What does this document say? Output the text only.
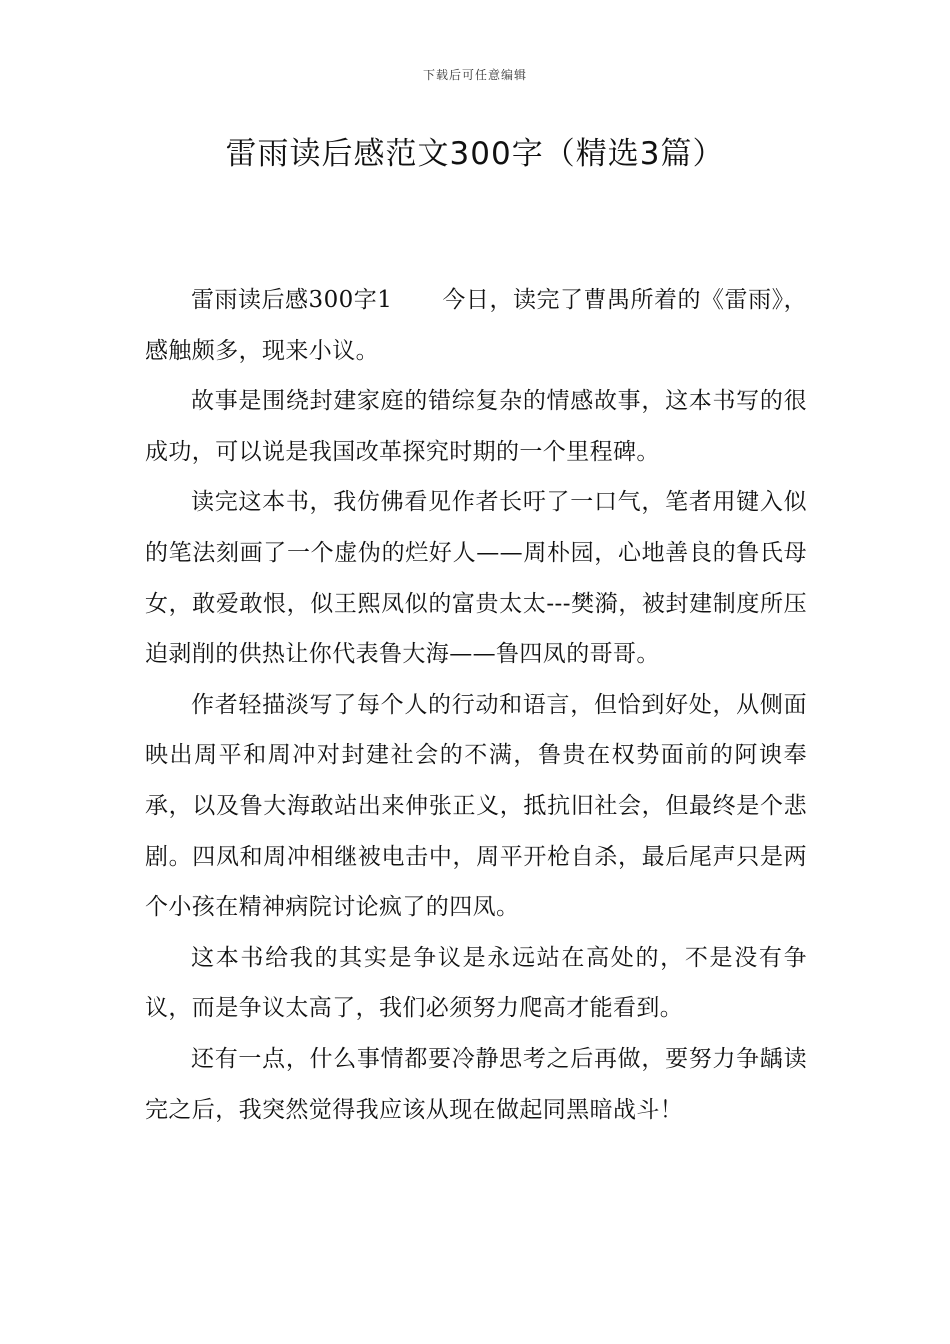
下载后可任意编辑
雷雨读后感范文300字（精选3篇）

雷雨读后感300字1 今日，读完了曹禺所着的《雷雨》，感触颇多，现来小议。

故事是围绕封建家庭的错综复杂的情感故事，这本书写的很成功，可以说是我国改革探究时期的一个里程碑。

读完这本书，我仿佛看见作者长吁了一口气，笔者用键入似的笔法刻画了一个虚伪的烂好人——周朴园，心地善良的鲁氏母女，敢爱敢恨，似王熙凤似的富贵太太---樊漪，被封建制度所压迫剥削的供热让你代表鲁大海——鲁四凤的哥哥。

作者轻描淡写了每个人的行动和语言，但恰到好处，从侧面映出周平和周冲对封建社会的不满，鲁贵在权势面前的阿谀奉承，以及鲁大海敢站出来伸张正义，抵抗旧社会，但最终是个悲剧。四凤和周冲相继被电击中，周平开枪自杀，最后尾声只是两个小孩在精神病院讨论疯了的四凤。

这本书给我的其实是争议是永远站在高处的，不是没有争议，而是争议太高了，我们必须努力爬高才能看到。

还有一点，什么事情都要冷静思考之后再做，要努力争龋读完之后，我突然觉得我应该从现在做起同黑暗战斗！
